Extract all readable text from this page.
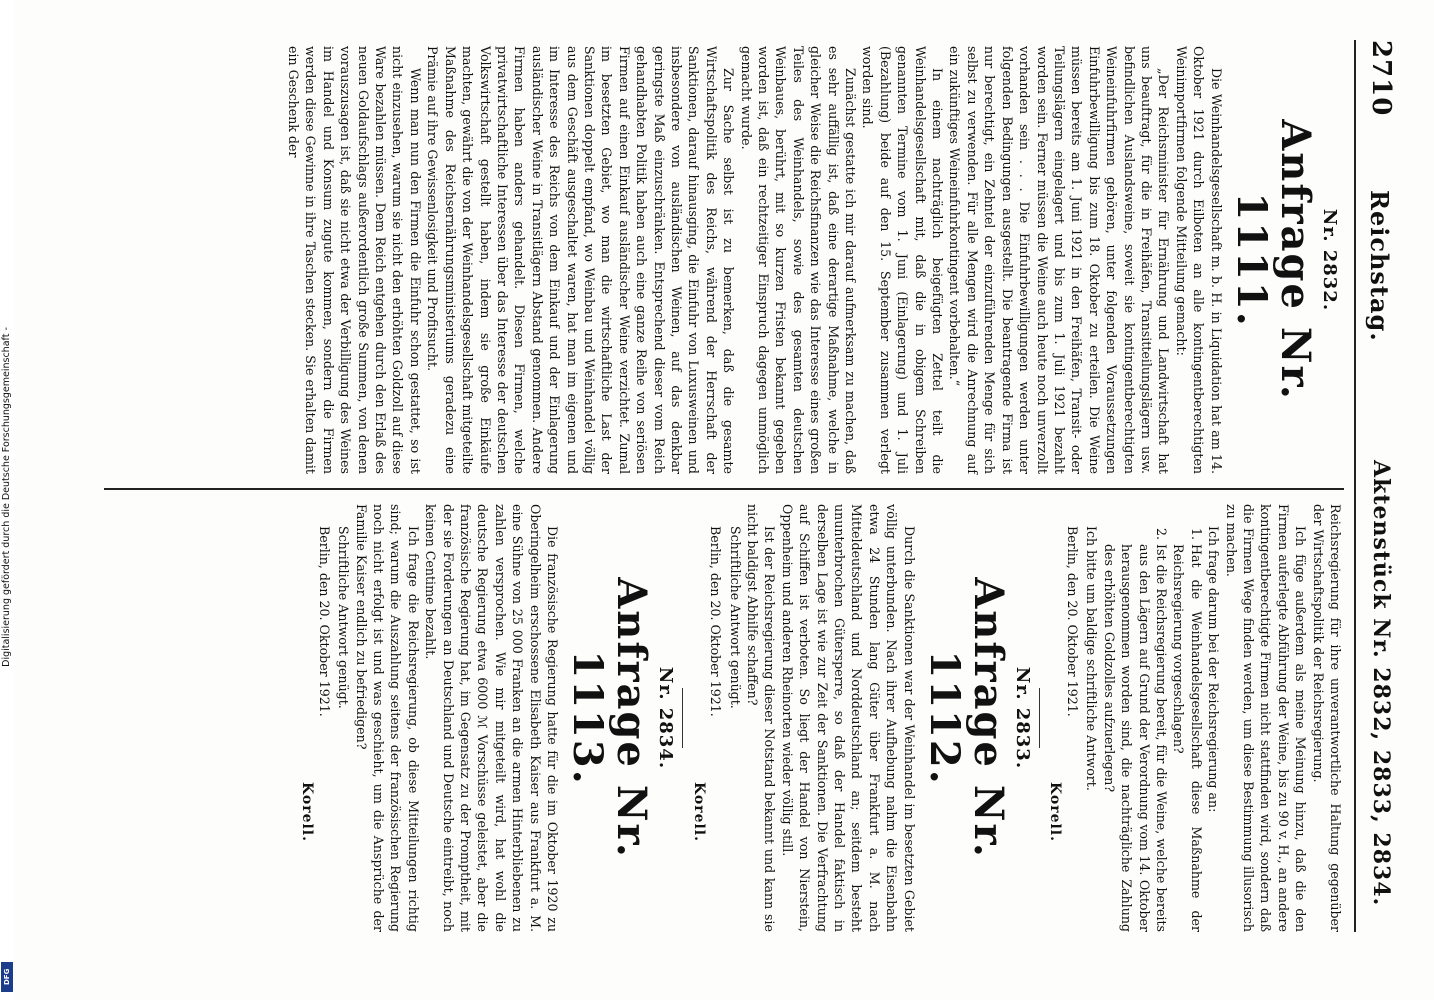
2710
Reichstag.
Aktenstück Nr. 2832, 2833, 2834.
Nr. 2832.
Anfrage Nr. 1111.

Die Weinhandelsgesellschaft m. b. H. in Liquidation hat am 14. Oktober 1921 durch Eilboten an alle kontingentberechtigten Weinimportfirmen folgende Mitteilung gemacht:

„Der Reichsminister für Ernährung und Landwirtschaft hat uns beauftragt, für die in Freihäfen, Transitteilungslägern usw. befindlichen Auslandsweine, soweit sie kontingentberechtigten Weineinfuhrfirmen gehören, unter folgenden Voraussetzungen Einfuhrbewilligung bis zum 18. Oktober zu erteilen. Die Weine müssen bereits am 1. Juni 1921 in den Freihäfen, Transit- oder Teilungslägern eingelagert und bis zum 1. Juli 1921 bezahlt worden sein. Ferner müssen die Weine auch heute noch unverzollt vorhanden sein . . . Die Einfuhrbewilligungen werden unter folgenden Bedingungen ausgestellt. Die beantragende Firma ist nur berechtigt, ein Zehntel der einzuführenden Menge für sich selbst zu verwenden. Für alle Mengen wird die Anrechnung auf ein zukünftiges Weineinfuhrkontingent vorbehalten.“

In einem nachträglich beigefügten Zettel teilt die Weinhandelsgesellschaft mit, daß die in obigem Schreiben genannten Termine vom 1. Juni (Einlagerung) und 1. Juli (Bezahlung) beide auf den 15. September zusammen verlegt worden sind.

Zunächst gestatte ich mir darauf aufmerksam zu machen, daß es sehr auffällig ist, daß eine derartige Maßnahme, welche in gleicher Weise die Reichsfinanzen wie das Interesse eines großen Teiles des Weinhandels, sowie des gesamten deutschen Weinbaues, berührt, mit so kurzen Fristen bekannt gegeben worden ist, daß ein rechtzeitiger Einspruch dagegen unmöglich gemacht wurde.

Zur Sache selbst ist zu bemerken, daß die gesamte Wirtschaftspolitik des Reichs, während der Herrschaft der Sanktionen, darauf hinausging, die Einfuhr von Luxusweinen und insbesondere von ausländischen Weinen, auf das denkbar geringste Maß einzuschränken. Entsprechend dieser vom Reich gehandhabten Politik haben auch eine ganze Reihe von seriösen Firmen auf einen Einkauf ausländischer Weine verzichtet. Zumal im besetzten Gebiet, wo man die wirtschaftliche Last der Sanktionen doppelt empfand, wo Weinbau und Weinhandel völlig aus dem Geschäft ausgeschaltet waren, hat man im eigenen und im Interesse des Reichs von dem Einkauf und der Einlagerung ausländischer Weine in Transitlägern Abstand genommen. Andere Firmen haben anders gehandelt. Diesen Firmen, welche privatwirtschaftliche Interessen über das Interesse der deutschen Volkswirtschaft gestellt haben, indem sie große Einkäufe machten, gewährt die von der Weinhandelsgesellschaft mitgeteilte Maßnahme des Reichsernährungsministeriums geradezu eine Prämie auf ihre Gewissenlosigkeit und Profitsucht.

Wenn man nun den Firmen die Einfuhr schon gestattet, so ist nicht einzusehen, warum sie nicht den erhöhten Goldzoll auf diese Ware bezahlen müssen. Dem Reich entgehen durch den Erlaß des neuen Goldaufschlags außerordentlich große Summen, von denen vorauszusagen ist, daß sie nicht etwa der Verbilligung des Weines im Handel und Konsum zugute kommen, sondern die Firmen werden diese Gewinne in ihre Taschen stecken. Sie erhalten damit ein Geschenk der

Reichsregierung für ihre unverantwortliche Haltung gegenüber der Wirtschaftspolitik der Reichsregierung.

Ich füge außerdem als meine Meinung hinzu, daß die den Firmen auferlegte Abführung der Weine, bis zu 90 v. H., an andere kontingentberechtigte Firmen nicht stattfinden wird, sondern daß die Firmen Wege finden werden, um diese Bestimmung illusorisch zu machen.

Ich frage darum bei der Reichsregierung an:

1. Hat die Weinhandelsgesellschaft diese Maßnahme der Reichsregierung vorgeschlagen?
2. Ist die Reichsregierung bereit, für die Weine, welche bereits aus den Lägern auf Grund der Verordnung vom 14. Oktober herausgenommen worden sind, die nachträgliche Zahlung des erhöhten Goldzolles aufzuerlegen?

Ich bitte um baldige schriftliche Antwort.

Berlin, den 20. Oktober 1921.

Korell.
Nr. 2833.
Anfrage Nr. 1112.

Durch die Sanktionen war der Weinhandel im besetzten Gebiet völlig unterbunden. Nach ihrer Aufhebung nahm die Eisenbahn etwa 24 Stunden lang Güter über Frankfurt a. M. nach Mitteldeutschland und Norddeutschland an; seitdem besteht ununterbrochen Gütersperre, so daß der Handel faktisch in derselben Lage ist wie zur Zeit der Sanktionen. Die Verfrachtung auf Schiffen ist verboten. So liegt der Handel von Nierstein, Oppenheim und anderen Rheinorten wieder völlig still.

Ist der Reichsregierung dieser Notstand bekannt und kann sie nicht baldigst Abhilfe schaffen?

Schriftliche Antwort genügt.

Berlin, den 20. Oktober 1921.

Korell.
Nr. 2834.
Anfrage Nr. 1113.

Die französische Regierung hatte für die im Oktober 1920 zu Oberingelheim erschossene Elisabeth Kaiser aus Frankfurt a. M. eine Sühne von 25 000 Franken an die armen Hinterbliebenen zu zahlen versprochen. Wie mir mitgeteilt wird, hat wohl die deutsche Regierung etwa 6000 ℳ Vorschüsse geleistet, aber die französische Regierung hat, im Gegensatz zu der Promptheit, mit der sie Forderungen an Deutschland und Deutsche eintreibt, noch keinen Centime bezahlt.

Ich frage die Reichsregierung, ob diese Mitteilungen richtig sind; warum die Auszahlung seitens der französischen Regierung noch nicht erfolgt ist und was geschieht, um die Ansprüche der Familie Kaiser endlich zu befriedigen?

Schriftliche Antwort genügt.

Berlin, den 20. Oktober 1921.

Korell.
Digitalisierung gefördert durch die Deutsche Forschungsgemeinschaft -
DFG
